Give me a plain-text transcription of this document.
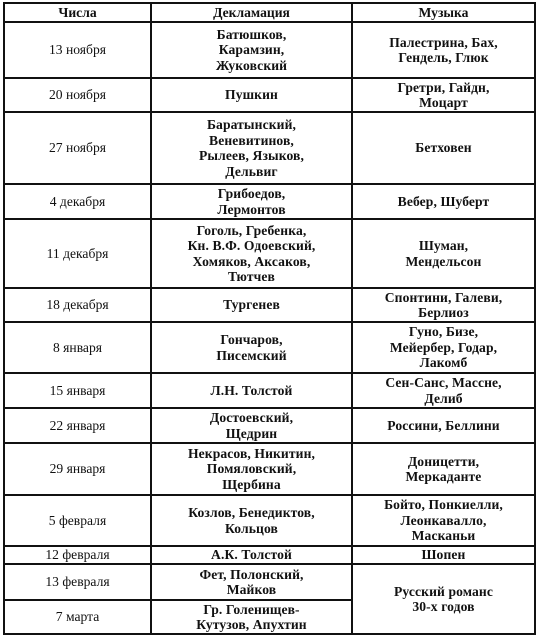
Числа	Декламация	Музыка
13 ноября	Батюшков,
Карамзин,
Жуковский	Палестрина, Бах,
Гендель, Глюк

20 ноября	Пушкин	Гретри, Гайдн,
Моцарт

27 ноября	Баратынский,
Веневитинов,
Рылеев, Языков,
Дельвиг	Бетховен

4 декабря	Грибоедов,
Лермонтов	Вебер, Шуберт

11 декабря	Гоголь, Гребенка,
Кн. В.Ф. Одоевский,
Хомяков, Аксаков,
Тютчев	Шуман,
Мендельсон

18 декабря	Тургенев	Спонтини, Галеви,
Берлиоз

8 января	Гончаров,
Писемский	Гуно, Бизе,
Мейербер, Годар,
Лакомб

15 января	Л.Н. Толстой	Сен-Санс, Массне,
Делиб

22 января	Достоевский,
Щедрин	Россини, Беллини

29 января	Некрасов, Никитин,
Помяловский,
Щербина	Доницетти,
Меркаданте

5 февраля	Козлов, Бенедиктов,
Кольцов	Бойто, Понкиелли,
Леонкавалло,
Масканьи

12 февраля	А.К. Толстой	Шопен

13 февраля	Фет, Полонский,
Майков	Русский романс
30-х годов

7 марта	Гр. Голенищев-
Кутузов, Апухтин	
